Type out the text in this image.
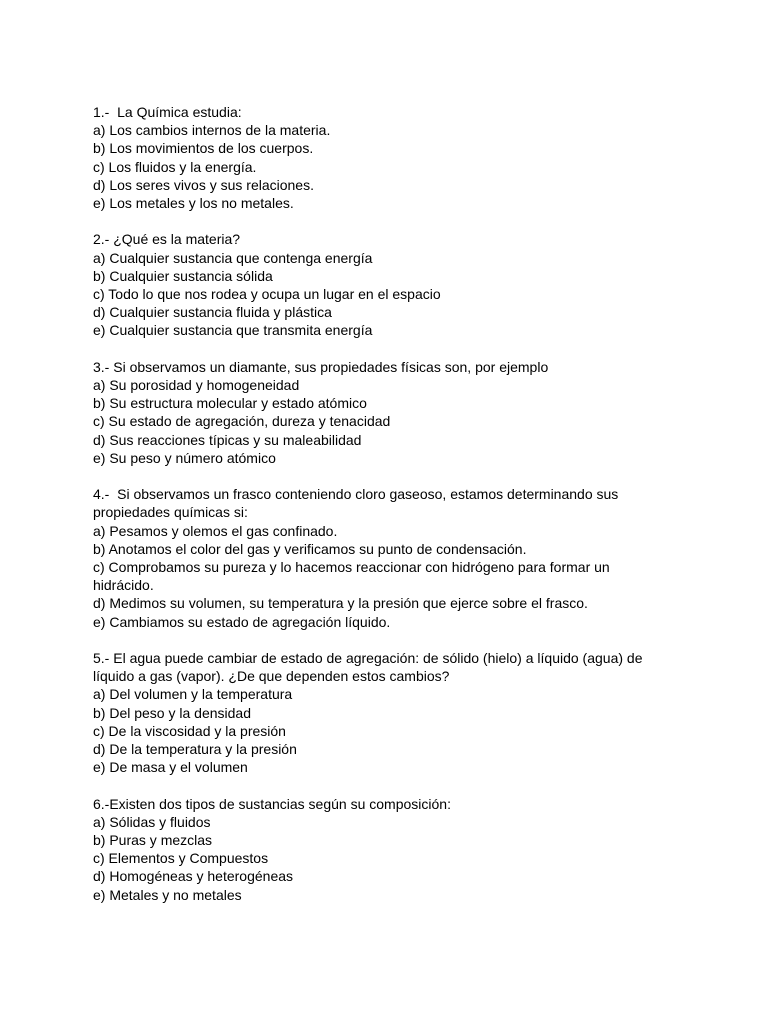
1.-  La Química estudia:

a) Los cambios internos de la materia.

b) Los movimientos de los cuerpos.

c) Los fluidos y la energía.

d) Los seres vivos y sus relaciones.

e) Los metales y los no metales.

2.- ¿Qué es la materia?

a) Cualquier sustancia que contenga energía

b) Cualquier sustancia sólida

c) Todo lo que nos rodea y ocupa un lugar en el espacio

d) Cualquier sustancia fluida y plástica

e) Cualquier sustancia que transmita energía

3.- Si observamos un diamante, sus propiedades físicas son, por ejemplo

a) Su porosidad y homogeneidad

b) Su estructura molecular y estado atómico

c) Su estado de agregación, dureza y tenacidad

d) Sus reacciones típicas y su maleabilidad

e) Su peso y número atómico

4.-  Si observamos un frasco conteniendo cloro gaseoso, estamos determinando sus

propiedades químicas si:

a) Pesamos y olemos el gas confinado.

b) Anotamos el color del gas y verificamos su punto de condensación.

c) Comprobamos su pureza y lo hacemos reaccionar con hidrógeno para formar un

hidrácido.

d) Medimos su volumen, su temperatura y la presión que ejerce sobre el frasco.

e) Cambiamos su estado de agregación líquido.

5.- El agua puede cambiar de estado de agregación: de sólido (hielo) a líquido (agua) de

líquido a gas (vapor). ¿De que dependen estos cambios?

a) Del volumen y la temperatura

b) Del peso y la densidad

c) De la viscosidad y la presión

d) De la temperatura y la presión

e) De masa y el volumen

6.-Existen dos tipos de sustancias según su composición:

a) Sólidas y fluidos

b) Puras y mezclas

c) Elementos y Compuestos

d) Homogéneas y heterogéneas

e) Metales y no metales
